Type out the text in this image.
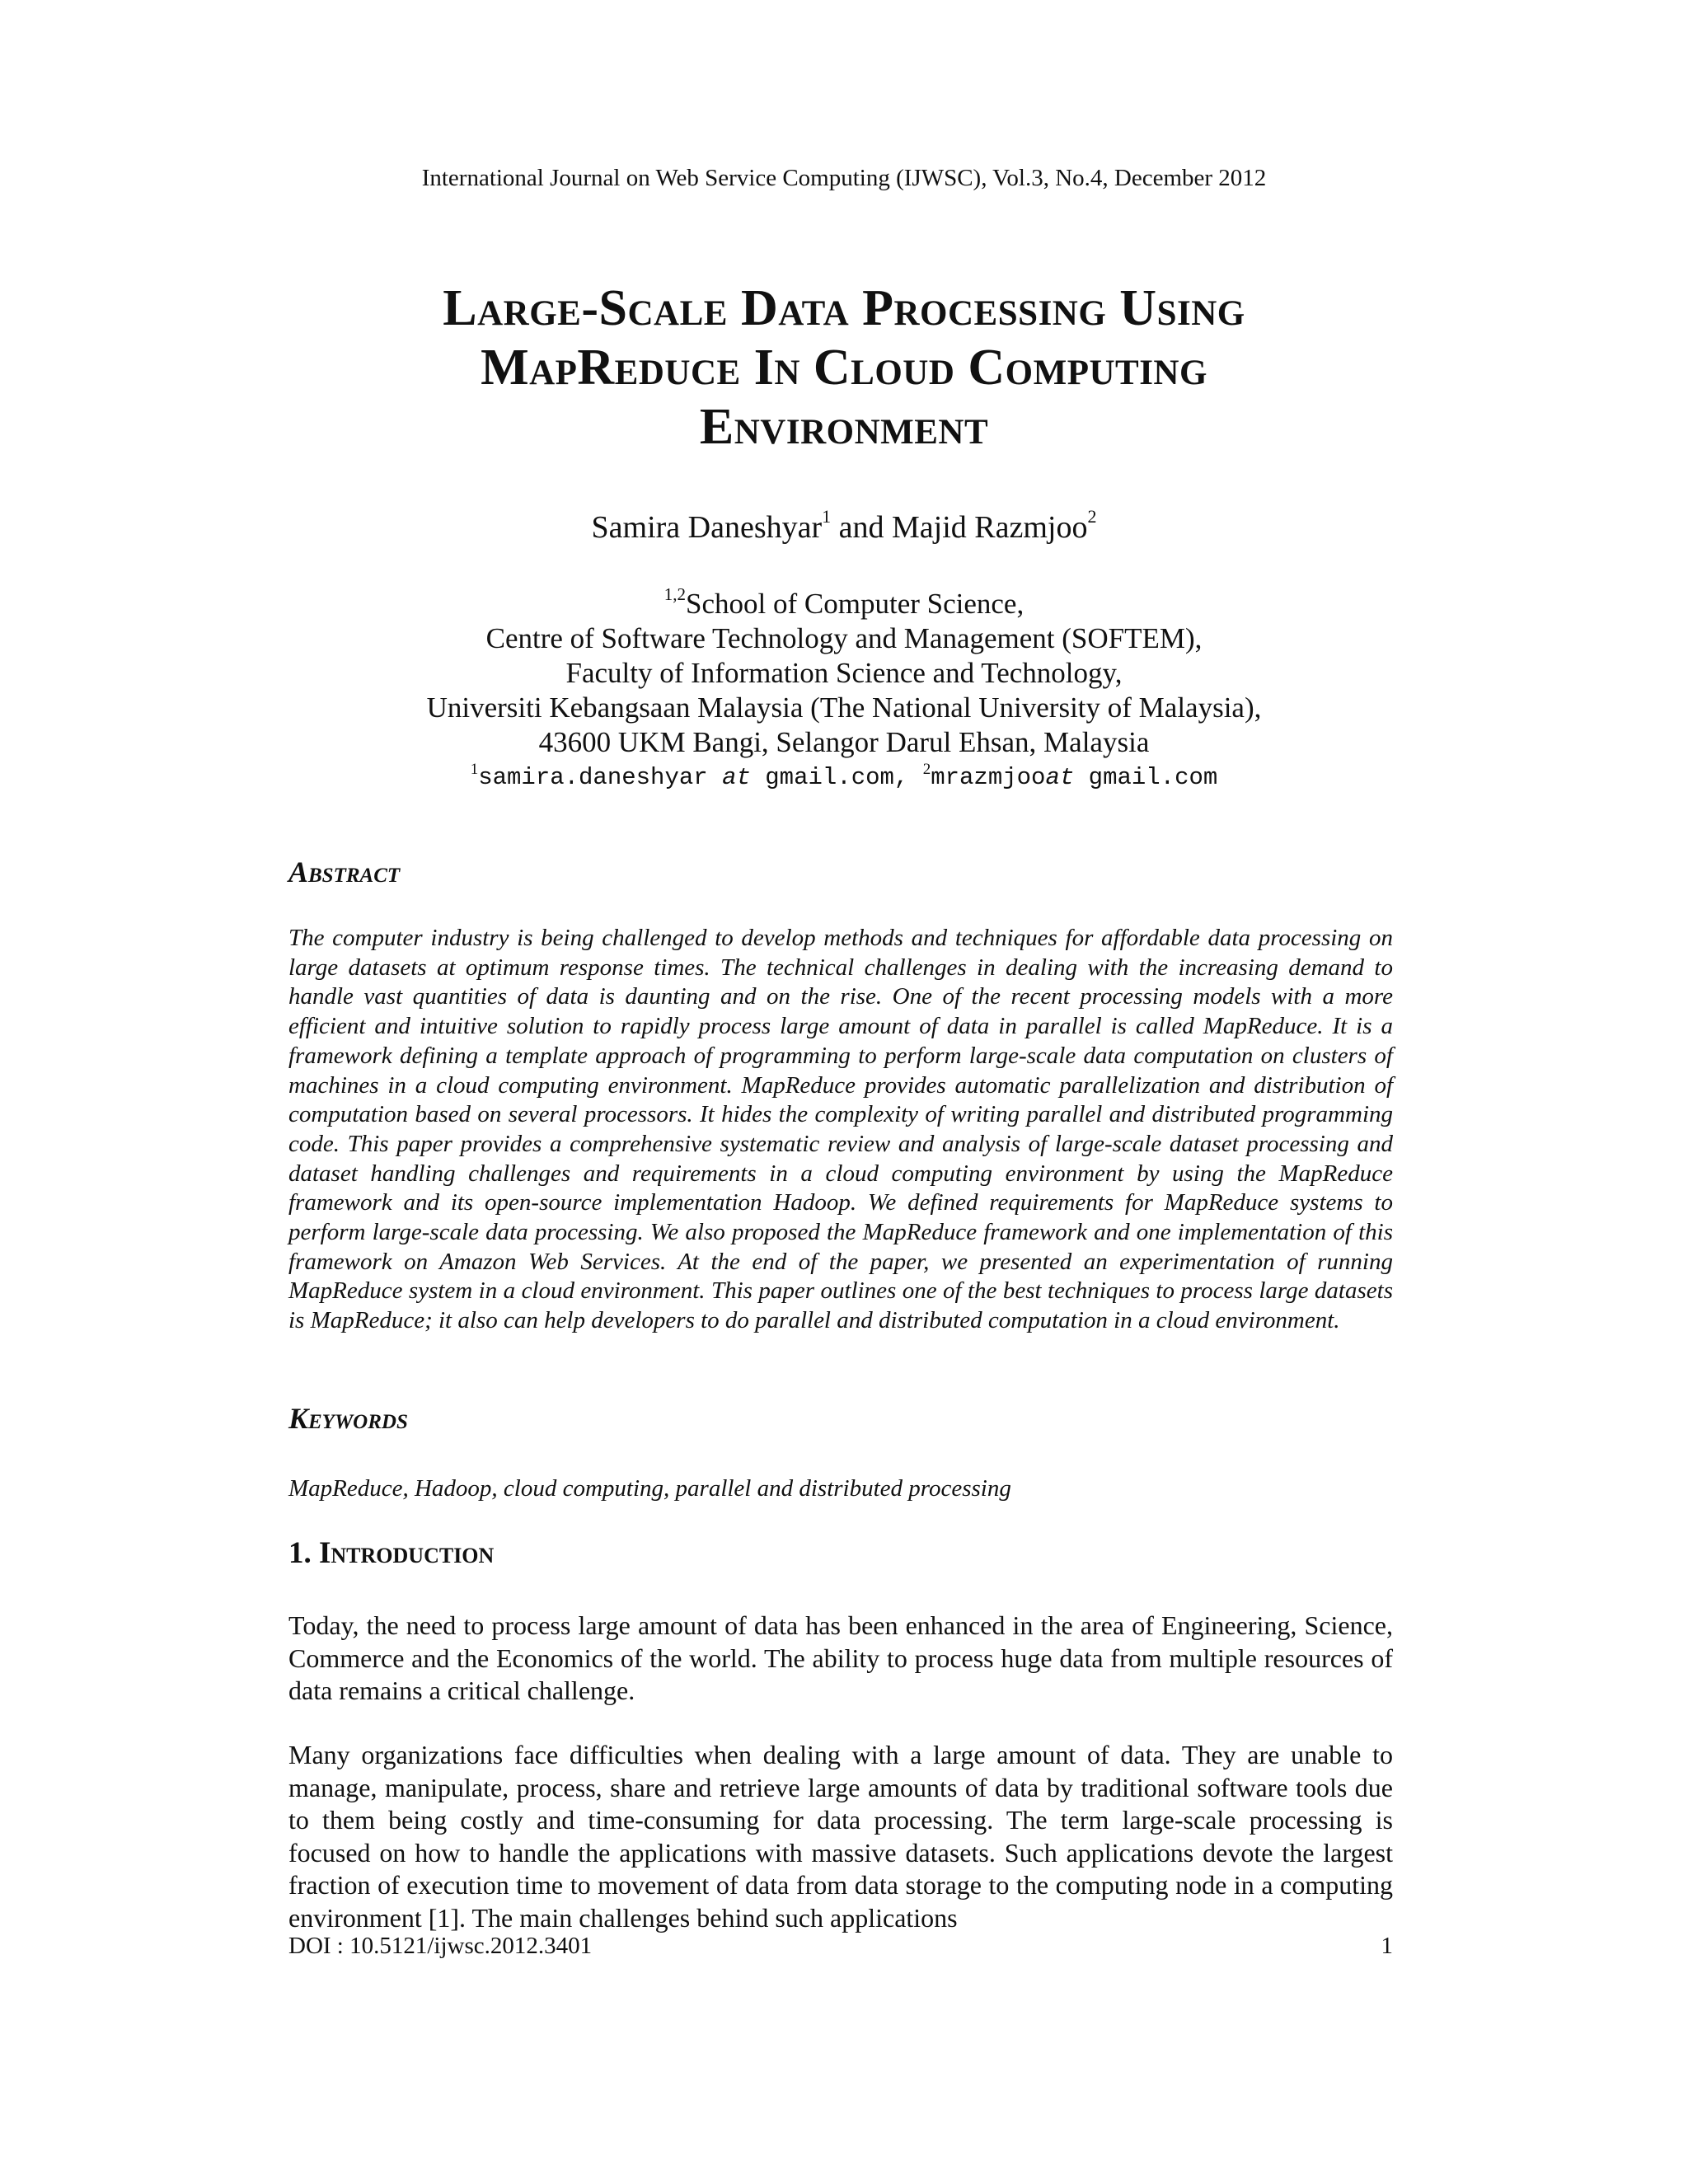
International Journal on Web Service Computing (IJWSC), Vol.3, No.4, December 2012
Large-Scale Data Processing Using
MapReduce In Cloud Computing
Environment
Samira Daneshyar$^1$ and Majid Razmjoo$^2$
$^{1,2}$School of Computer Science,
Centre of Software Technology and Management (SOFTEM),
Faculty of Information Science and Technology,
Universiti Kebangsaan Malaysia (The National University of Malaysia),
43600 UKM Bangi, Selangor Darul Ehsan, Malaysia
$^1$samira.daneshyar at gmail.com, $^2$mrazmjooat gmail.com
Abstract

The computer industry is being challenged to develop methods and techniques for affordable data processing on large datasets at optimum response times. The technical challenges in dealing with the increasing demand to handle vast quantities of data is daunting and on the rise. One of the recent processing models with a more efficient and intuitive solution to rapidly process large amount of data in parallel is called MapReduce. It is a framework defining a template approach of programming to perform large-scale data computation on clusters of machines in a cloud computing environment. MapReduce provides automatic parallelization and distribution of computation based on several processors. It hides the complexity of writing parallel and distributed programming code. This paper provides a comprehensive systematic review and analysis of large-scale dataset processing and dataset handling challenges and requirements in a cloud computing environment by using the MapReduce framework and its open-source implementation Hadoop. We defined requirements for MapReduce systems to perform large-scale data processing. We also proposed the MapReduce framework and one implementation of this framework on Amazon Web Services. At the end of the paper, we presented an experimentation of running MapReduce system in a cloud environment. This paper outlines one of the best techniques to process large datasets is MapReduce; it also can help developers to do parallel and distributed computation in a cloud environment.

Keywords

MapReduce, Hadoop, cloud computing, parallel and distributed processing

1. Introduction

Today, the need to process large amount of data has been enhanced in the area of Engineering, Science, Commerce and the Economics of the world. The ability to process huge data from multiple resources of data remains a critical challenge.

Many organizations face difficulties when dealing with a large amount of data. They are unable to manage, manipulate, process, share and retrieve large amounts of data by traditional software tools due to them being costly and time-consuming for data processing. The term large-scale processing is focused on how to handle the applications with massive datasets. Such applications devote the largest fraction of execution time to movement of data from data storage to the computing node in a computing environment [1]. The main challenges behind such applications

DOI : 10.5121/ijwsc.2012.3401	1
